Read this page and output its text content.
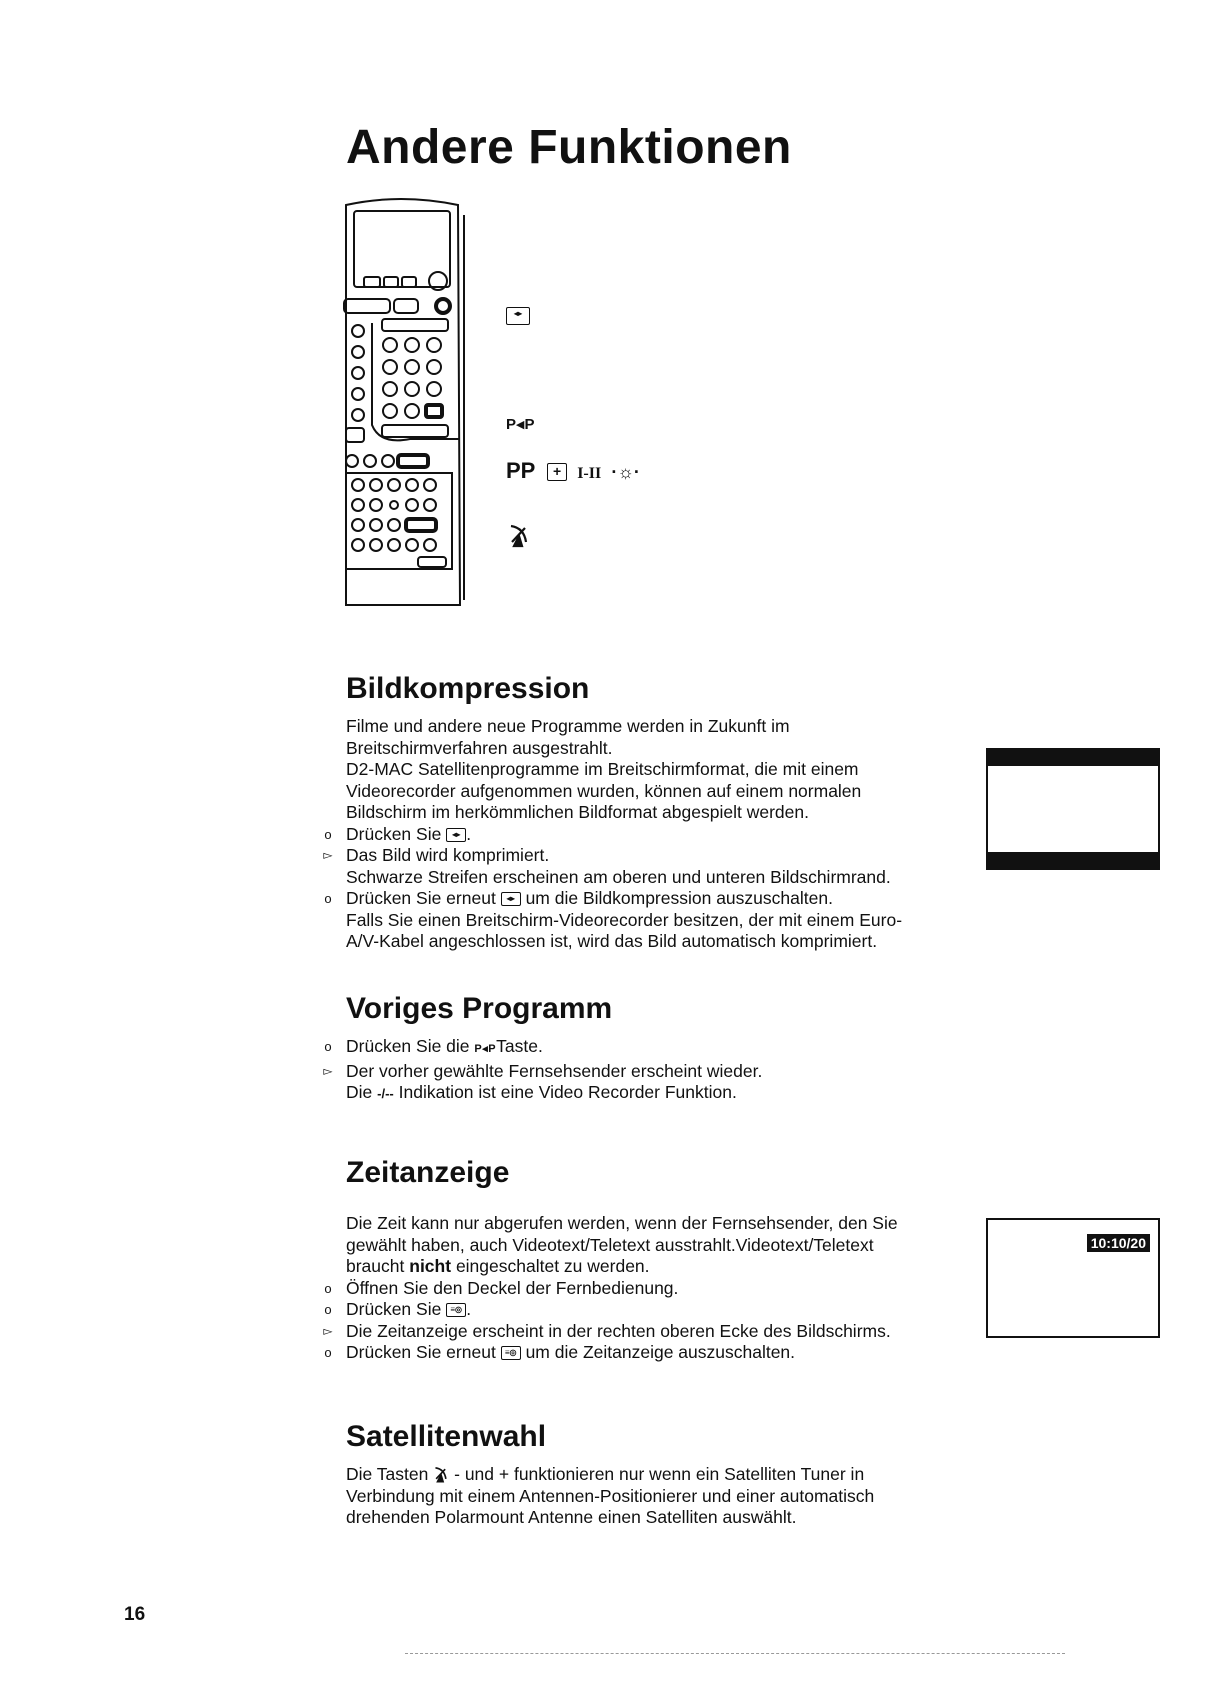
Andere Funktionen
◂▸
P◂P
PP + I-II ·☼·
Bildkompression
Filme und andere neue Programme werden in Zukunft im
Breitschirmverfahren ausgestrahlt.
D2-MAC Satellitenprogramme im Breitschirmformat, die mit einem
Videorecorder aufgenommen wurden, können auf einem normalen
Bildschirm im herkömmlichen Bildformat abgespielt werden.
o Drücken Sie ◂▸ .
▻ Das Bild wird komprimiert.
Schwarze Streifen erscheinen am oberen und unteren Bildschirmrand.
o Drücken Sie erneut ◂▸ um die Bildkompression auszuschalten.
Falls Sie einen Breitschirm-Videorecorder besitzen, der mit einem Euro-
A/V-Kabel angeschlossen ist, wird das Bild automatisch komprimiert.
Voriges Programm
o Drücken Sie die P◂PTaste.
▻ Der vorher gewählte Fernsehsender erscheint wieder.
Die -/-- Indikation ist eine Video Recorder Funktion.
Zeitanzeige
Die Zeit kann nur abgerufen werden, wenn der Fernsehsender, den Sie
gewählt haben, auch Videotext/Teletext ausstrahlt.Videotext/Teletext
braucht nicht eingeschaltet zu werden.
o Öffnen Sie den Deckel der Fernbedienung.
o Drücken Sie ≡◎ .
▻ Die Zeitanzeige erscheint in der rechten oberen Ecke des Bildschirms.
o Drücken Sie erneut ≡◎ um die Zeitanzeige auszuschalten.
10:10/20
Satellitenwahl
Die Tasten - und + funktionieren nur wenn ein Satelliten Tuner in
Verbindung mit einem Antennen-Positionierer und einer automatisch
drehenden Polarmount Antenne einen Satelliten auswählt.
16
